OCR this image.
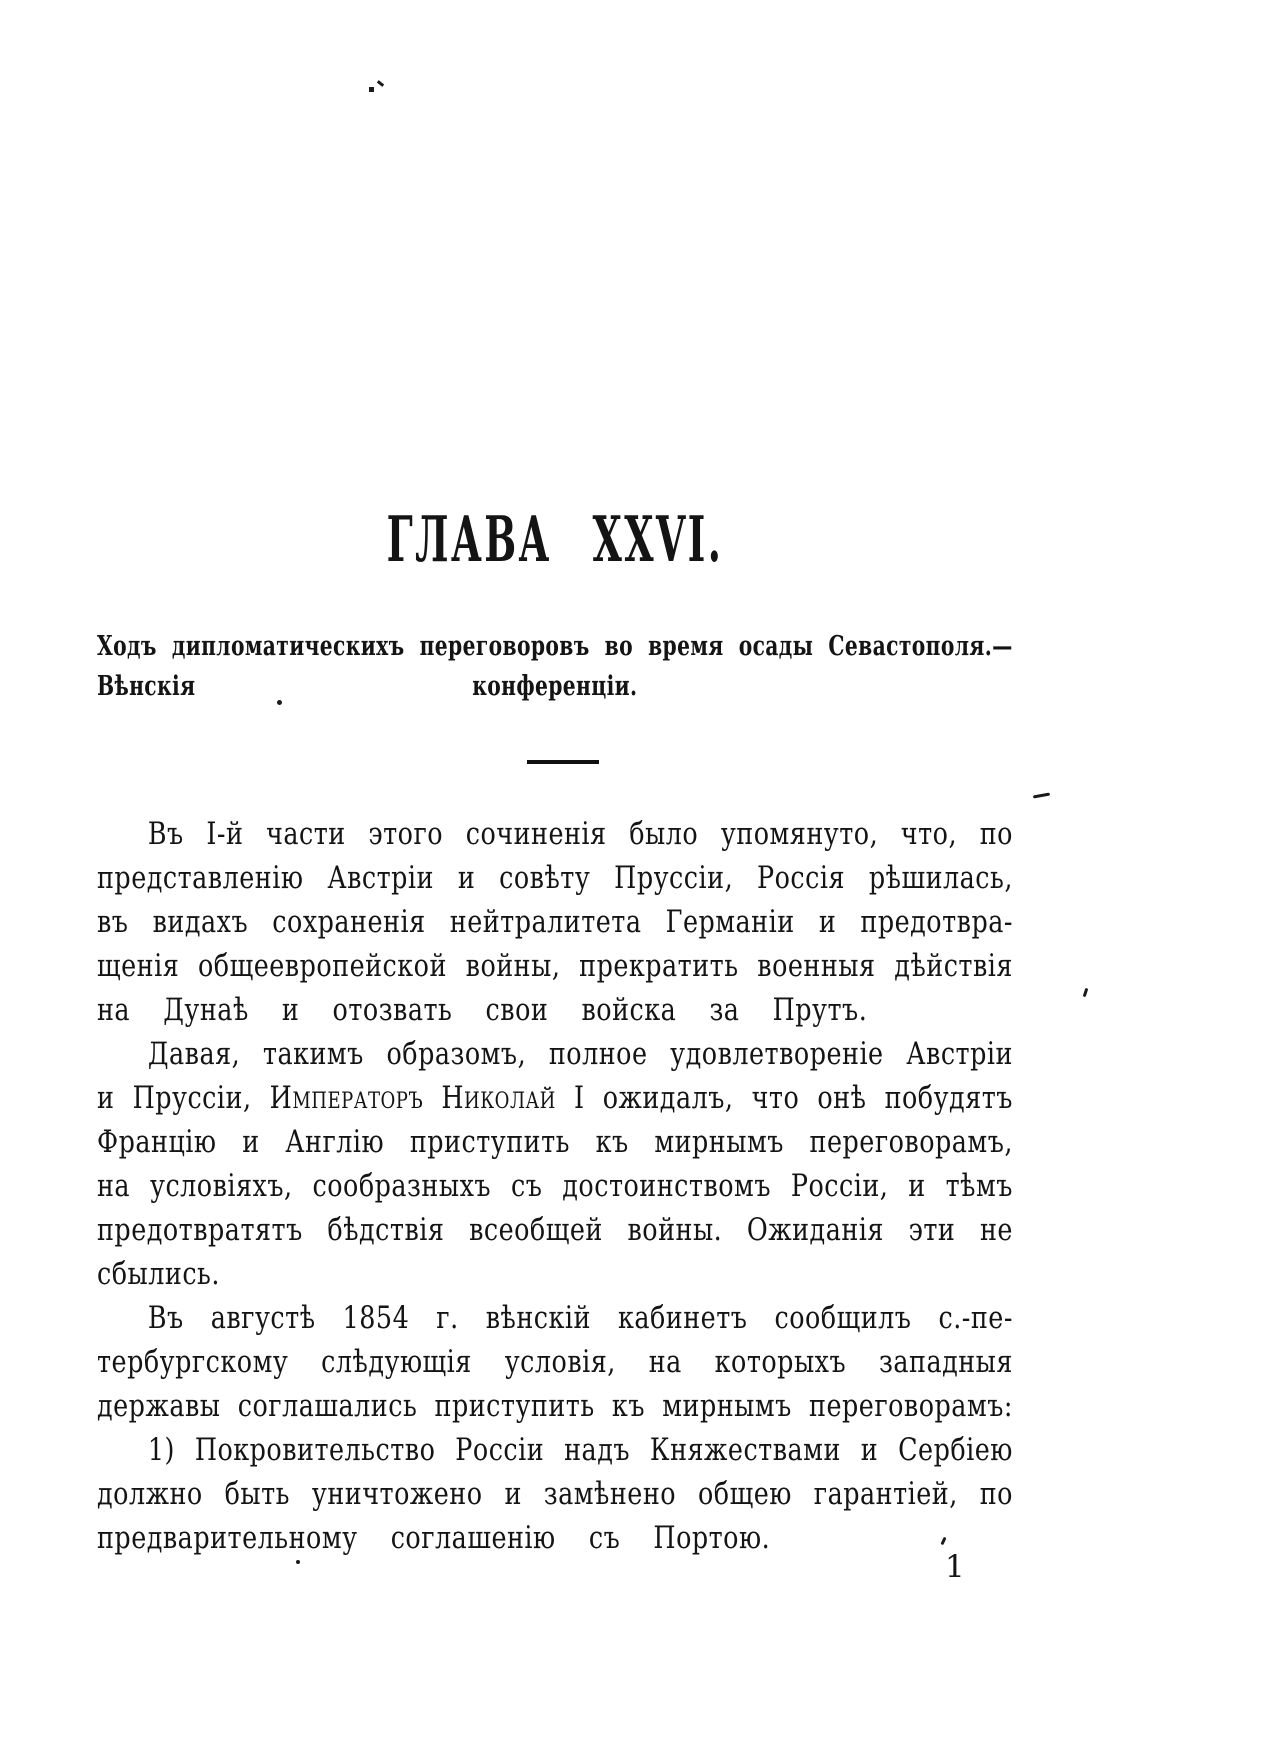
ГЛАВА XXVI.
Ходъ дипломатическихъ переговоровъ во время осады Севастополя.—Вѣнскія	конференціи.
Въ I-й части этого сочиненія было упомянуто, что, по
представленію Австріи и совѣту Пруссіи, Россія рѣшилась,
въ видахъ сохраненія нейтралитета Германіи и предотвра-
щенія общеевропейской войны, прекратить военныя дѣйствія
на Дунаѣ и отозвать свои войска за Прутъ.
Давая, такимъ образомъ, полное удовлетвореніе Австріи
и Пруссіи, Императоръ Николай I ожидалъ, что онѣ побудятъ
Францію и Англію приступить къ мирнымъ переговорамъ,
на условіяхъ, сообразныхъ съ достоинствомъ Россіи, и тѣмъ
предотвратятъ бѣдствія всеобщей войны. Ожиданія эти не
сбылись.
Въ августѣ 1854 г. вѣнскій кабинетъ сообщилъ с.-пе-
тербургскому слѣдующія условія, на которыхъ западныя
державы соглашались приступить къ мирнымъ переговорамъ:
1) Покровительство Россіи надъ Княжествами и Сербіею
должно быть уничтожено и замѣнено общею гарантіей, по
предварительному соглашенію съ Портою.
1
